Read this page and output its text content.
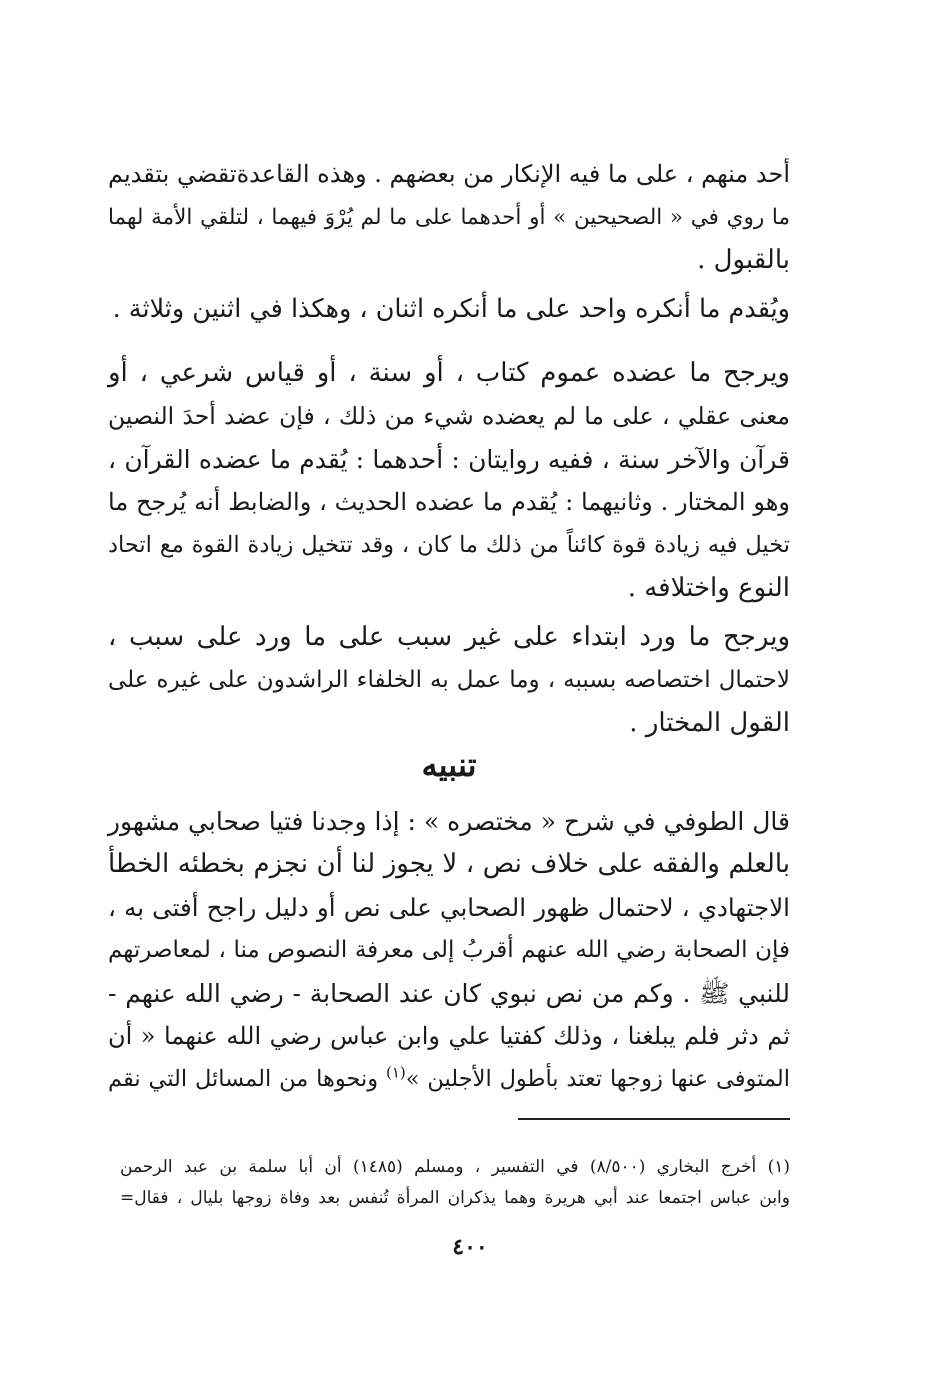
أحد منهم ، على ما فيه الإنكار من بعضهم . وهذه القاعدةتقضي بتقديم
ما روي في « الصحيحين » أو أحدهما على ما لم يُرْوَ فيهما ، لتلقي الأمة لهما
بالقبول .
ويُقدم ما أنكره واحد على ما أنكره اثنان ، وهكذا في اثنين وثلاثة .
ويرجح ما عضده عموم كتاب ، أو سنة ، أو قياس شرعي ، أو
معنى عقلي ، على ما لم يعضده شيء من ذلك ، فإن عضد أحدَ النصين
قرآن والآخر سنة ، ففيه روايتان : أحدهما : يُقدم ما عضده القرآن ،
وهو المختار . وثانيهما : يُقدم ما عضده الحديث ، والضابط أنه يُرجح ما
تخيل فيه زيادة قوة كائناً من ذلك ما كان ، وقد تتخيل زيادة القوة مع اتحاد
النوع واختلافه .
ويرجح ما ورد ابتداء على غير سبب على ما ورد على سبب ،
لاحتمال اختصاصه بسببه ، وما عمل به الخلفاء الراشدون على غيره على
القول المختار .
تنبيه
قال الطوفي في شرح « مختصره » : إذا وجدنا فتيا صحابي مشهور
بالعلم والفقه على خلاف نص ، لا يجوز لنا أن نجزم بخطئه الخطأ
الاجتهادي ، لاحتمال ظهور الصحابي على نص أو دليل راجح أفتى به ،
فإن الصحابة رضي الله عنهم أقربُ إلى معرفة النصوص منا ، لمعاصرتهم
للنبي ﷺ . وكم من نص نبوي كان عند الصحابة - رضي الله عنهم -
ثم دثر فلم يبلغنا ، وذلك كفتيا علي وابن عباس رضي الله عنهما « أن
المتوفى عنها زوجها تعتد بأطول الأجلين »$^{(١)}$ ونحوها من المسائل التي نقم
(١) أخرج البخاري (٨/٥٠٠) في التفسير ، ومسلم (١٤٨٥) أن أبا سلمة بن عبد الرحمن
وابن عباس اجتمعا عند أبي هريرة وهما يذكران المرأة تُنفس بعد وفاة زوجها بليال ، فقال=
٤٠٠
